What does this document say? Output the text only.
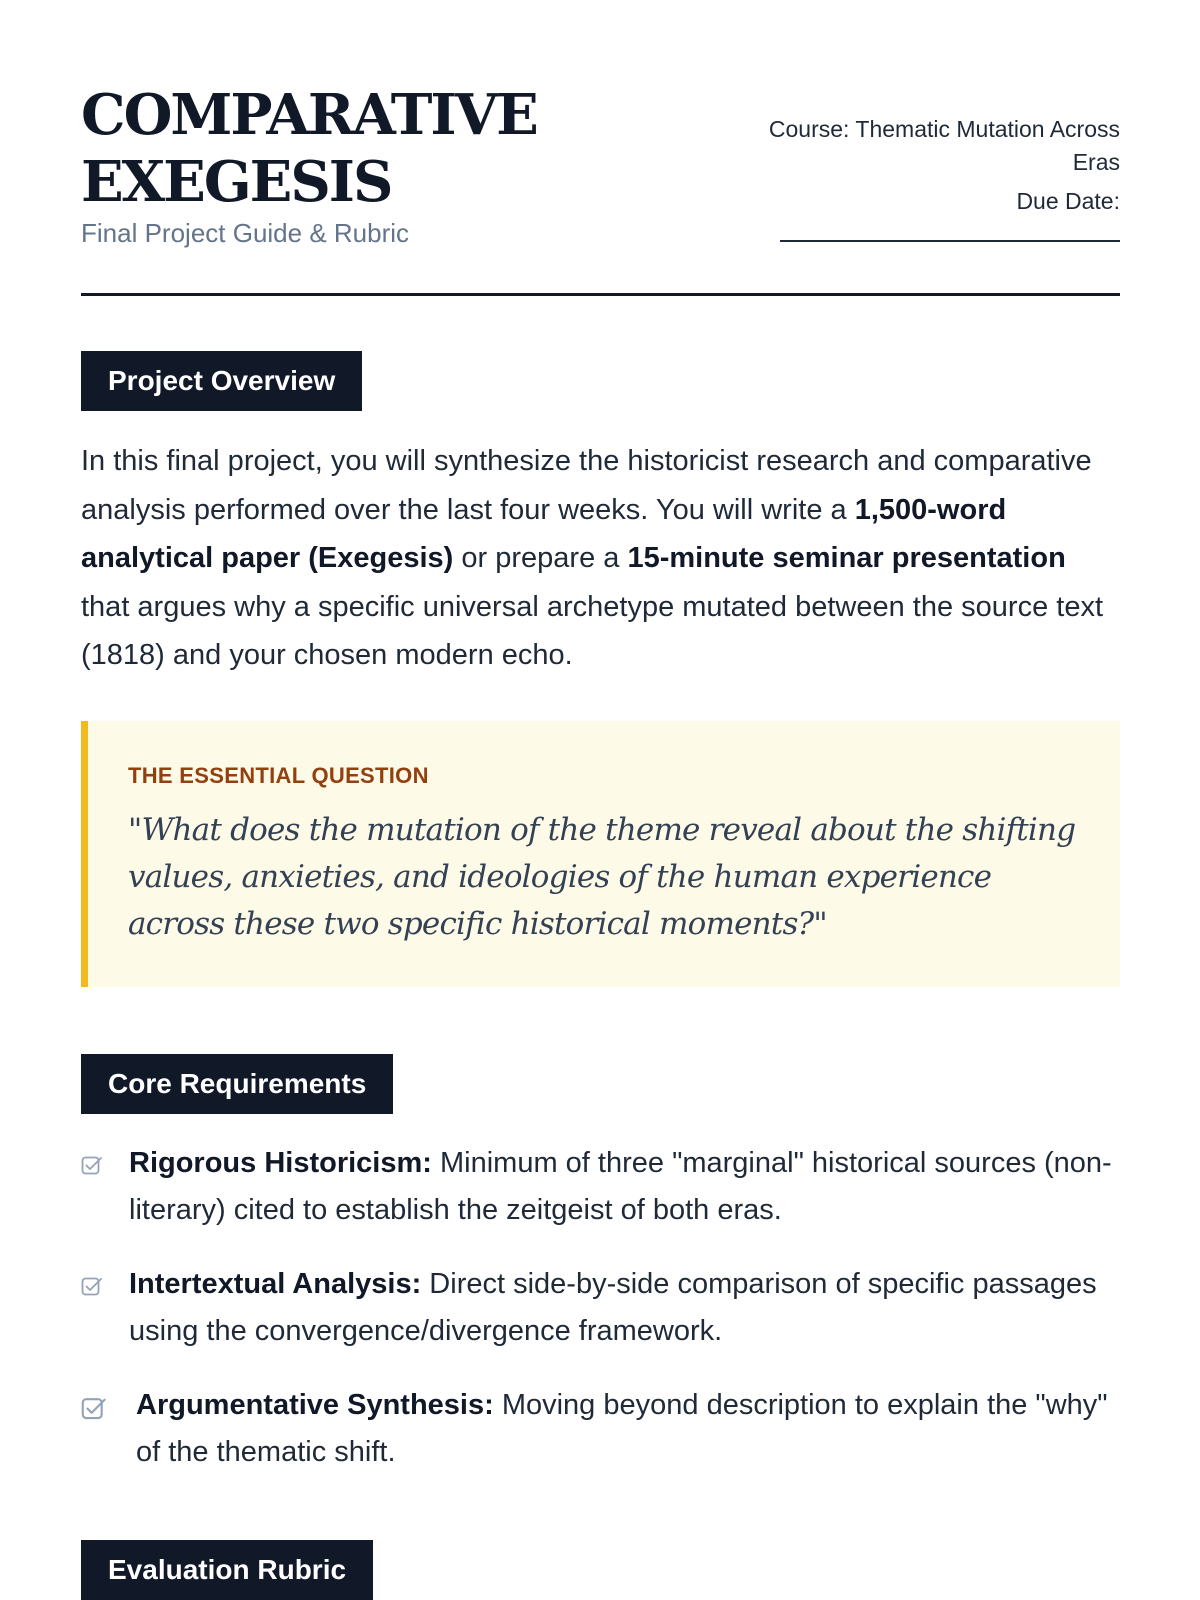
COMPARATIVE
EXEGESIS
Final Project Guide & Rubric
Course: Thematic Mutation Across
Eras
Due Date:
Project Overview

In this final project, you will synthesize the historicist research and comparative analysis performed over the last four weeks. You will write a 1,500-word analytical paper (Exegesis) or prepare a 15-minute seminar presentation that argues why a specific universal archetype mutated between the source text (1818) and your chosen modern echo.

THE ESSENTIAL QUESTION
"What does the mutation of the theme reveal about the shifting values, anxieties, and ideologies of the human experience across these two specific historical moments?"
Core Requirements
Rigorous Historicism: Minimum of three "marginal" historical sources (non-literary) cited to establish the zeitgeist of both eras.
Intertextual Analysis: Direct side-by-side comparison of specific passages using the convergence/divergence framework.
Argumentative Synthesis: Moving beyond description to explain the "why" of the thematic shift.
Evaluation Rubric
